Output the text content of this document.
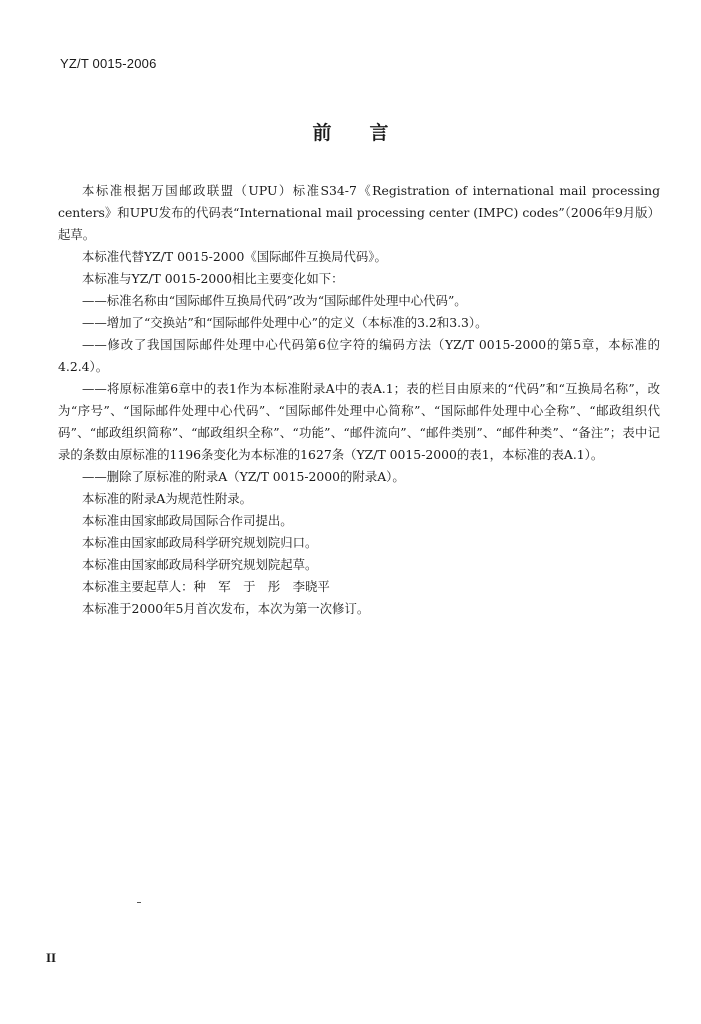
YZ/T 0015-2006
前言

本标准根据万国邮政联盟（UPU）标准S34-7《Registration of international mail processing centers》和UPU发布的代码表“International mail processing center (IMPC) codes”（2006年9月版）起草。

本标准代替YZ/T 0015-2000《国际邮件互换局代码》。

本标准与YZ/T 0015-2000相比主要变化如下：

——标准名称由“国际邮件互换局代码”改为“国际邮件处理中心代码”。

——增加了“交换站”和“国际邮件处理中心”的定义（本标准的3.2和3.3）。

——修改了我国国际邮件处理中心代码第6位字符的编码方法（YZ/T 0015-2000的第5章，本标准的4.2.4）。

——将原标准第6章中的表1作为本标准附录A中的表A.1；表的栏目由原来的“代码”和“互换局名称”，改为“序号”、“国际邮件处理中心代码”、“国际邮件处理中心简称”、“国际邮件处理中心全称”、“邮政组织代码”、“邮政组织简称”、“邮政组织全称”、“功能”、“邮件流向”、“邮件类别”、“邮件种类”、“备注”；表中记录的条数由原标准的1196条变化为本标准的1627条（YZ/T 0015-2000的表1，本标准的表A.1）。

——删除了原标准的附录A（YZ/T 0015-2000的附录A）。

本标准的附录A为规范性附录。

本标准由国家邮政局国际合作司提出。

本标准由国家邮政局科学研究规划院归口。

本标准由国家邮政局科学研究规划院起草。

本标准主要起草人：种　军　于　彤　李晓平

本标准于2000年5月首次发布，本次为第一次修订。

II
